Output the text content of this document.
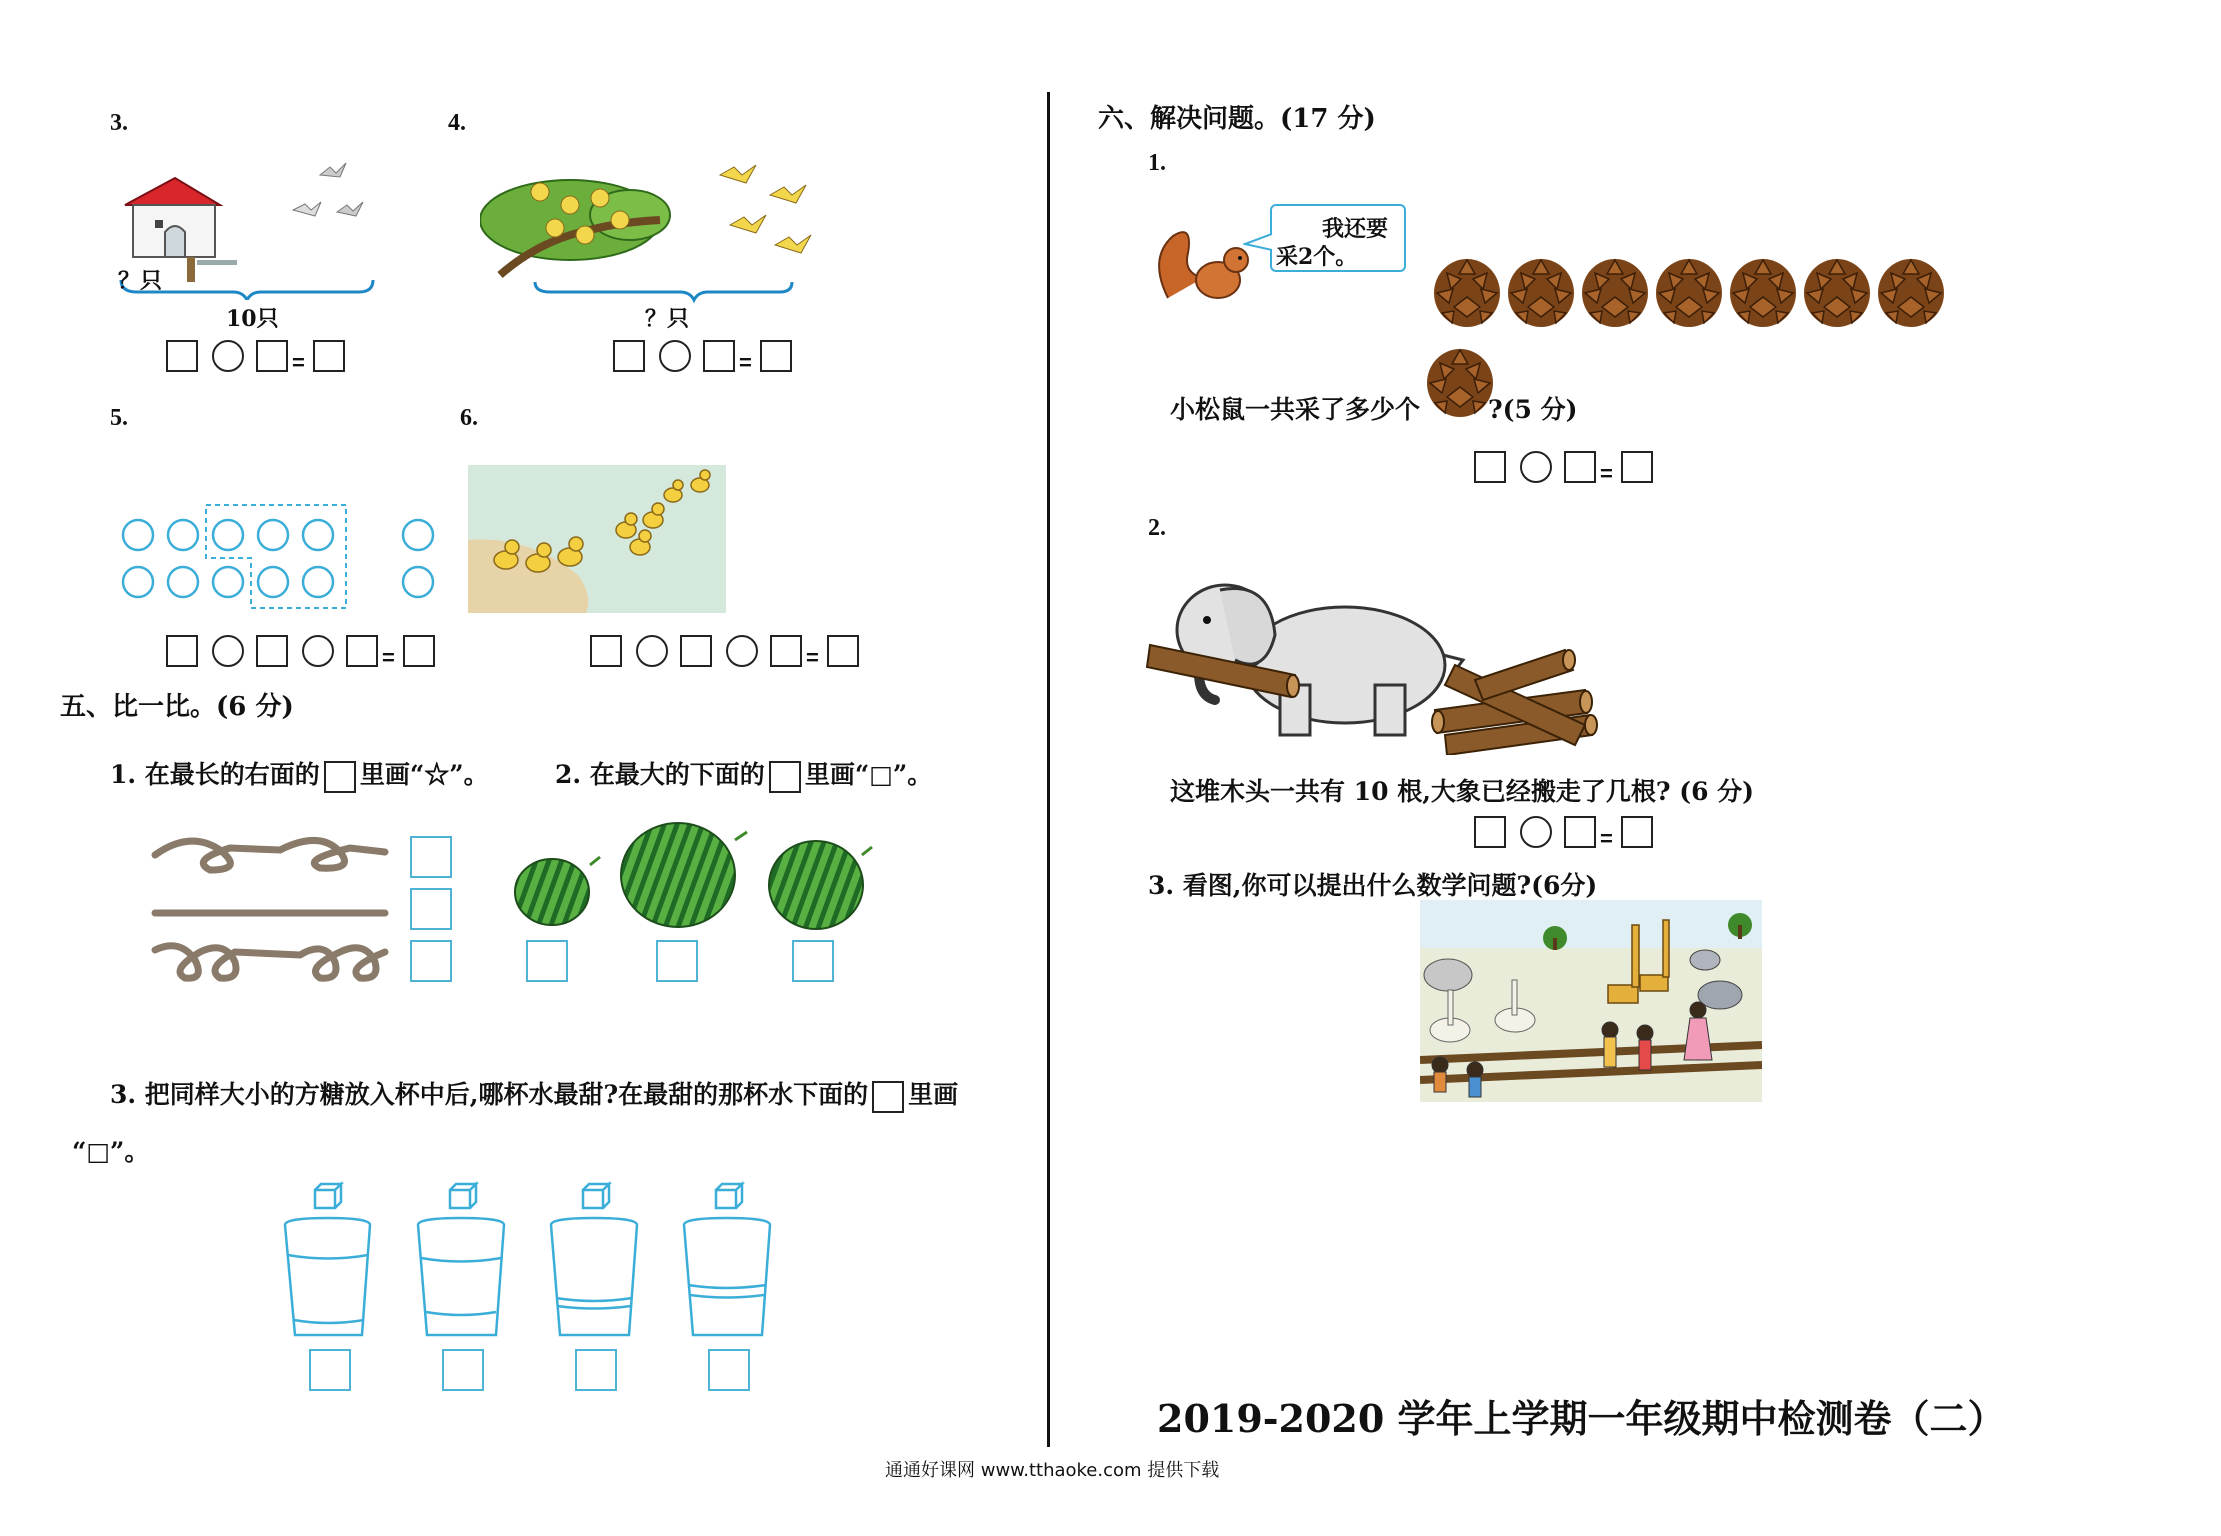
3.
？只
10只
=
4.
？只
=
5.
=
6.
=
五、比一比。(6 分)
1. 在最长的右面的 里画“☆”。	2. 在最大的下面的 里画“□”。
3. 把同样大小的方糖放入杯中后,哪杯水最甜?在最甜的那杯水下面的 里画
“□”。
六、解决问题。(17 分)
1.
我还要
采2个。
小松鼠一共采了多少个	?(5 分)
=
2.
这堆木头一共有 10 根,大象已经搬走了几根? (6 分)
=
3. 看图,你可以提出什么数学问题?(6分)
2019-2020 学年上学期一年级期中检测卷（二）
通通好课网 www.tthaoke.com 提供下载
